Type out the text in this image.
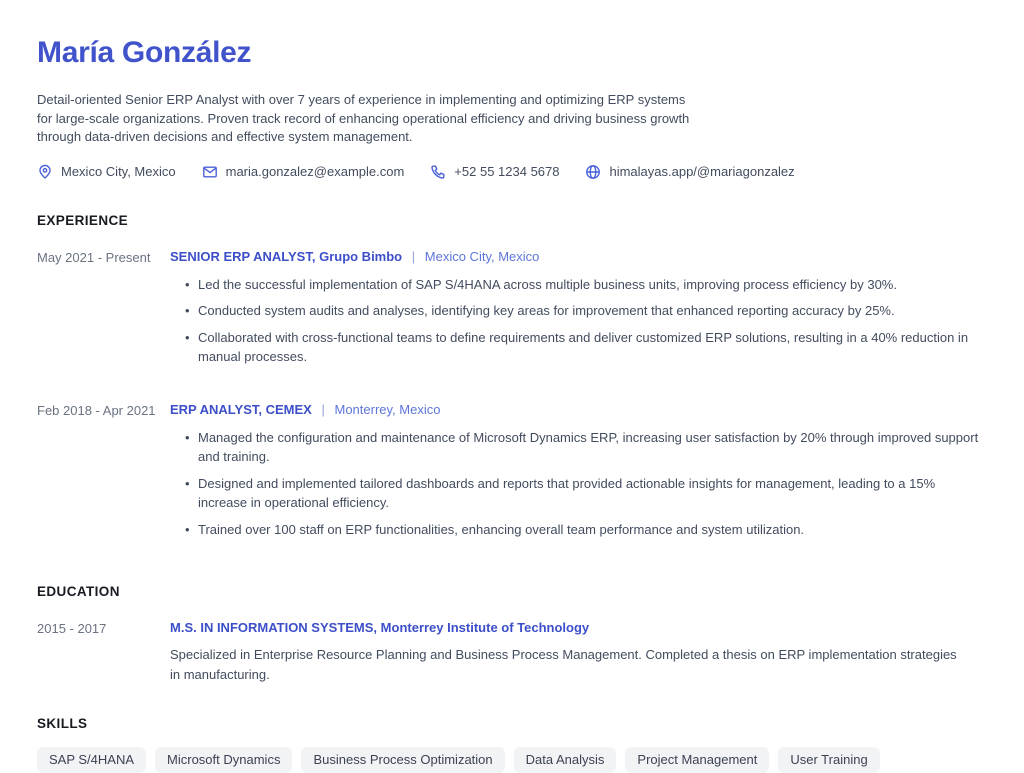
María González

Detail-oriented Senior ERP Analyst with over 7 years of experience in implementing and optimizing ERP systems for large-scale organizations. Proven track record of enhancing operational efficiency and driving business growth through data-driven decisions and effective system management.

Mexico City, Mexico	maria.gonzalez@example.com	+52 55 1234 5678	himalayas.app/@mariagonzalez
EXPERIENCE
May 2021 - Present	SENIOR ERP ANALYST, Grupo Bimbo | Mexico City, Mexico
• Led the successful implementation of SAP S/4HANA across multiple business units, improving process efficiency by 30%.
• Conducted system audits and analyses, identifying key areas for improvement that enhanced reporting accuracy by 25%.
• Collaborated with cross-functional teams to define requirements and deliver customized ERP solutions, resulting in a 40% reduction in manual processes.
Feb 2018 - Apr 2021	ERP ANALYST, CEMEX | Monterrey, Mexico
• Managed the configuration and maintenance of Microsoft Dynamics ERP, increasing user satisfaction by 20% through improved support and training.
• Designed and implemented tailored dashboards and reports that provided actionable insights for management, leading to a 15% increase in operational efficiency.
• Trained over 100 staff on ERP functionalities, enhancing overall team performance and system utilization.
EDUCATION
2015 - 2017	M.S. IN INFORMATION SYSTEMS, Monterrey Institute of Technology
Specialized in Enterprise Resource Planning and Business Process Management. Completed a thesis on ERP implementation strategies in manufacturing.
SKILLS
SAP S/4HANA	Microsoft Dynamics	Business Process Optimization	Data Analysis	Project Management	User Training
